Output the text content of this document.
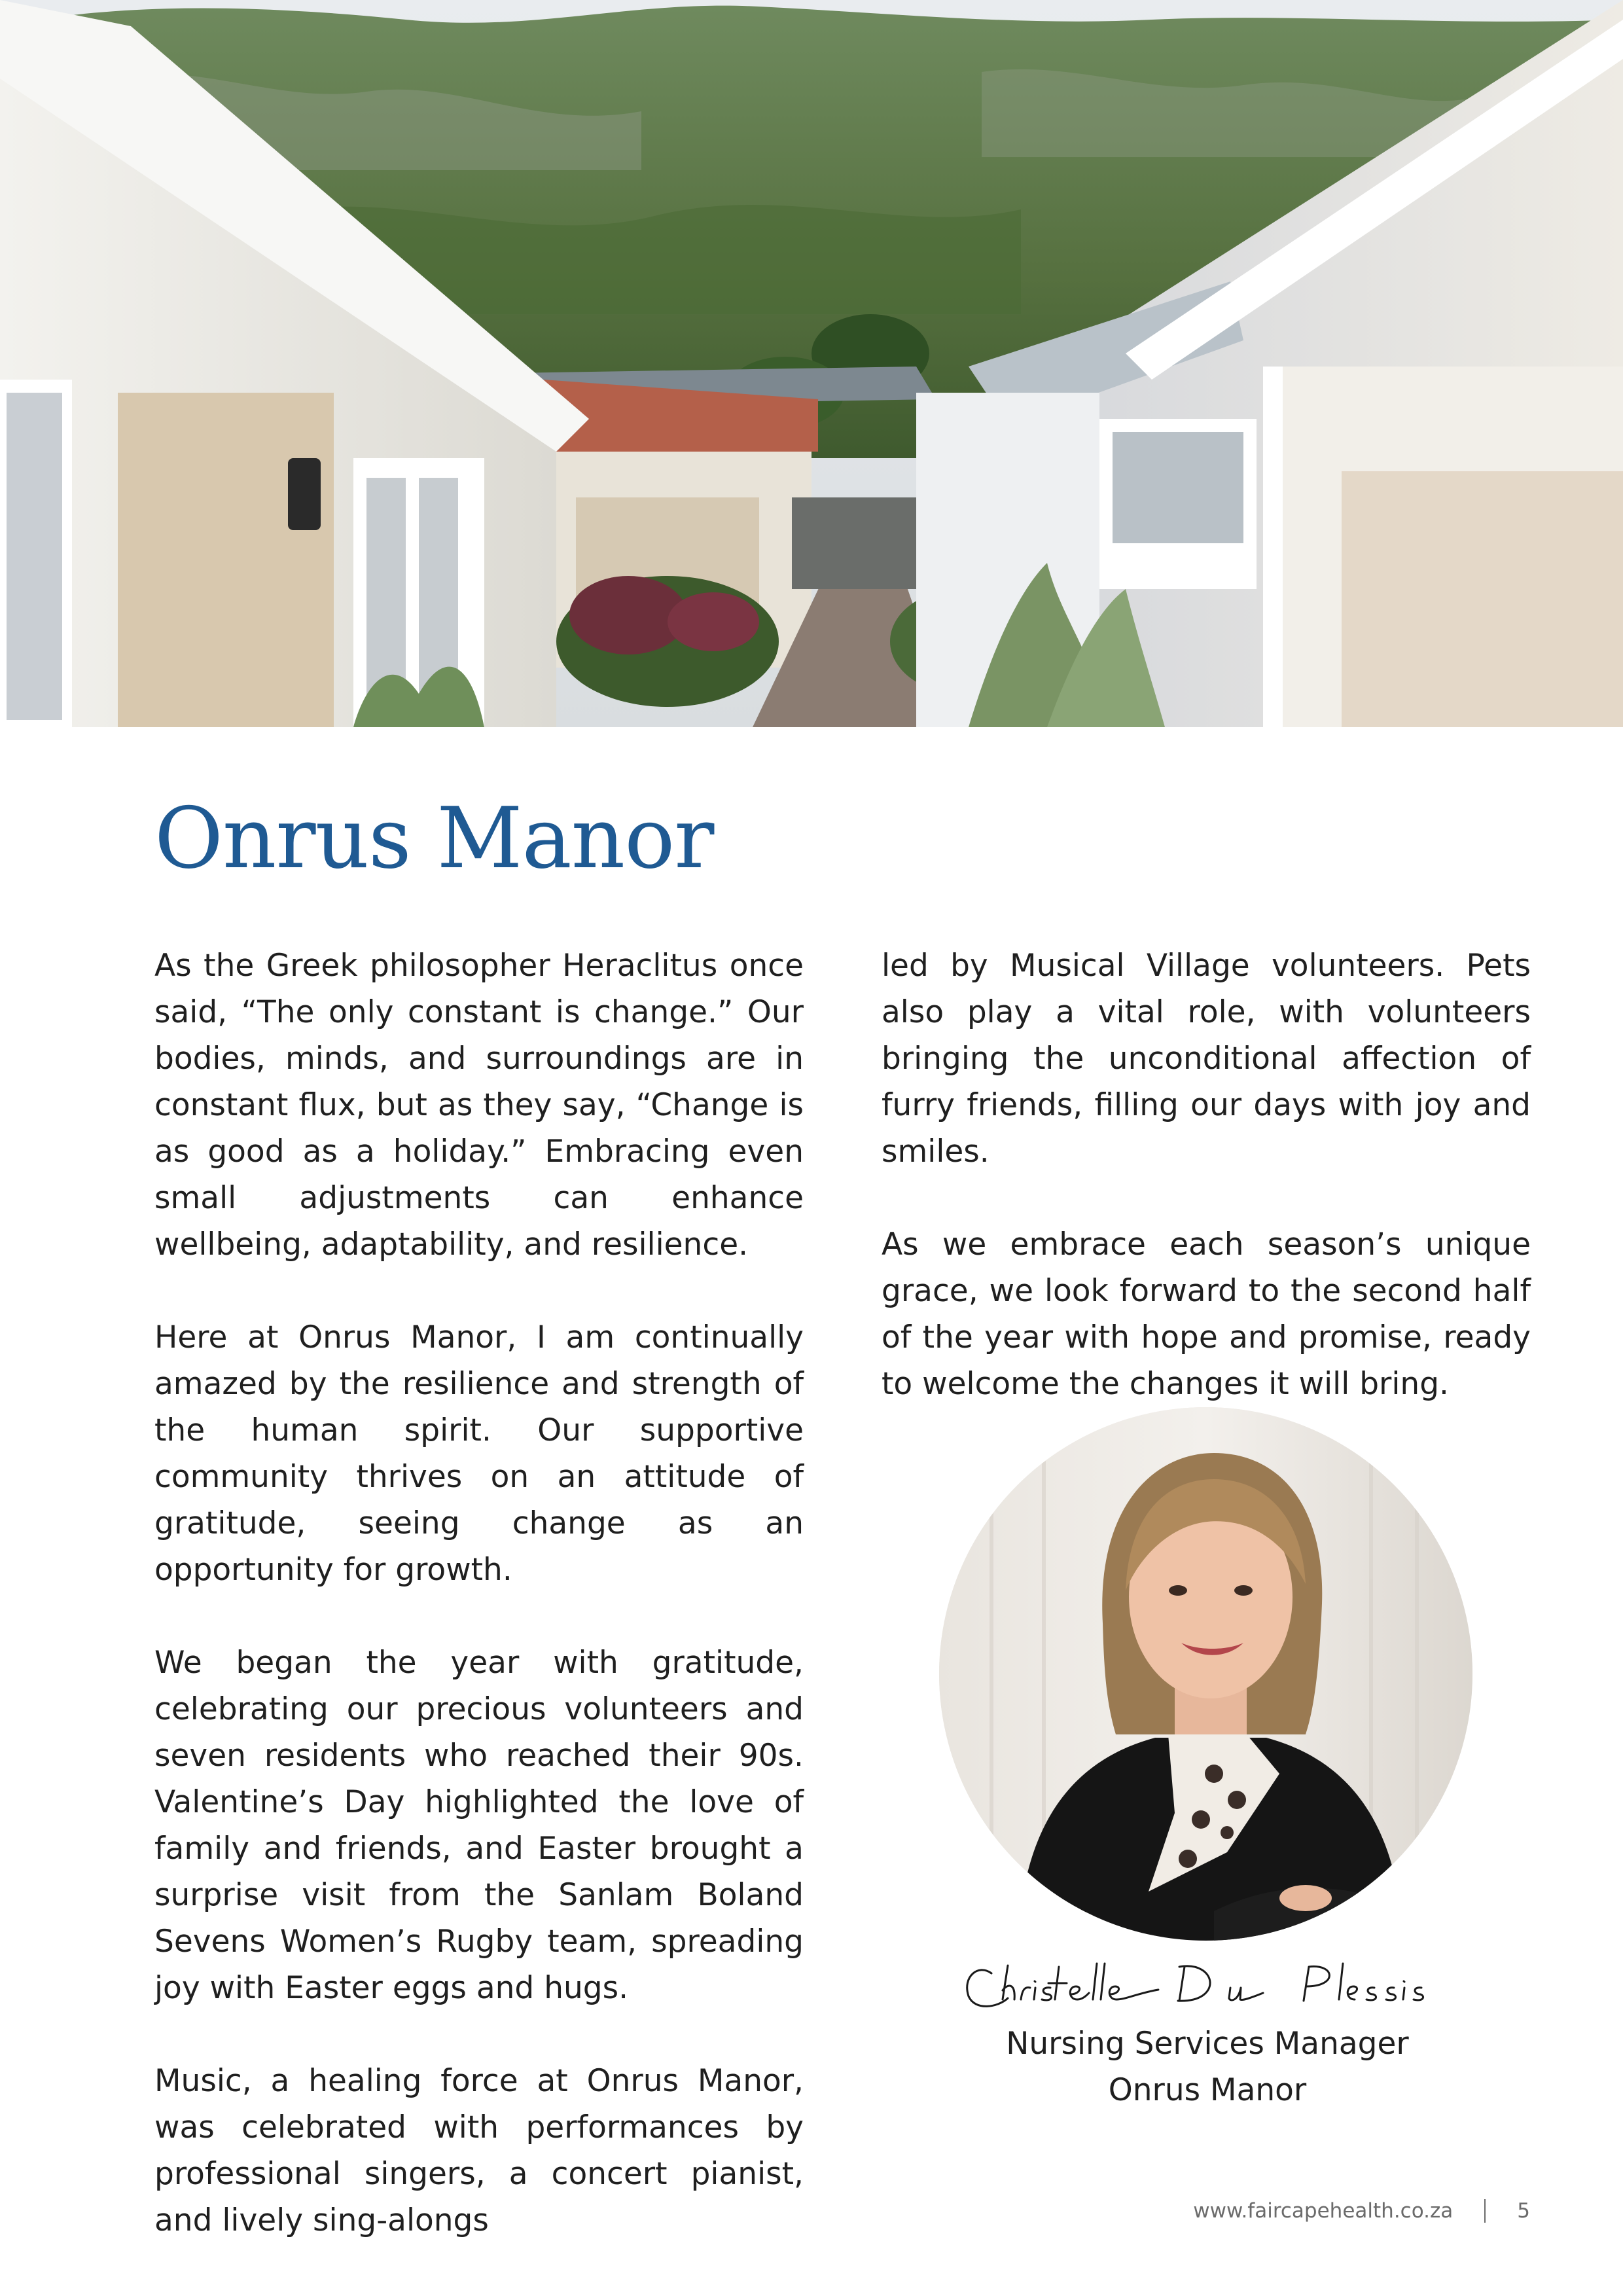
Onrus Manor

As the Greek philosopher Heraclitus once said, “The only constant is change.” Our bodies, minds, and surroundings are in constant flux, but as they say, “Change is as good as a holiday.” Embracing even small adjustments can enhance wellbeing, adaptability, and resilience.

Here at Onrus Manor, I am continually amazed by the resilience and strength of the human spirit. Our supportive community thrives on an attitude of gratitude, seeing change as an opportunity for growth.

We began the year with gratitude, celebrating our precious volunteers and seven residents who reached their 90s. Valentine’s Day highlighted the love of family and friends, and Easter brought a surprise visit from the Sanlam Boland Sevens Women’s Rugby team, spreading joy with Easter eggs and hugs.

Music, a healing force at Onrus Manor, was celebrated with performances by professional singers, a concert pianist, and lively sing-alongs

led by Musical Village volunteers. Pets also play a vital role, with volunteers bringing the unconditional affection of furry friends, filling our days with joy and smiles.

As we embrace each season’s unique grace, we look forward to the second half of the year with hope and promise, ready to welcome the changes it will bring.

Nursing Services Manager
Onrus Manor
www.faircapehealth.co.za	5
